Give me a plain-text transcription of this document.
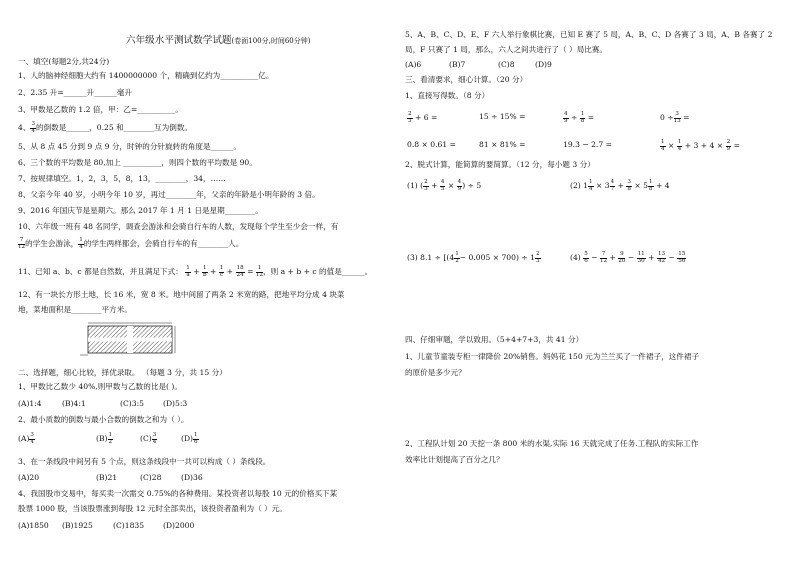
六年级水平测试数学试题(卷面100分,时间60分钟)
一、填空(每题2分,共24分)
1、人的脑神经细胞大约有 1400000000 个，精确到亿约为__________亿。
2、2.35 升=______升______毫升
3、甲数是乙数的 1.2 倍，甲：乙=__________。
4、 $\frac{3}{4}$ 的倒数是______，0.25 和________互为倒数。
5、从 8 点 45 分到 9 点 9 分，时钟的分针旋转的角度是______。
6、三个数的平均数是 80,加上 __________，则四个数的平均数是 90。
7、按规律填空。1，2，3，5，8，13，________，34，……
8、父亲今年 40 岁，小明今年 10 岁，再过________年，父亲的年龄是小明年龄的 3 倍。
9、2016 年国庆节是星期六。那么 2017 年 1 月 1 日是星期________。
10、六年级一班有 48 名同学，调查会游泳和会骑自行车的人数，发现每个学生至少会一样，有
$\frac{7}{12}$ 的学生会游泳， $\frac{1}{4}$ 的学生两样都会，会骑自行车的有________人。
11、已知 a、b、c 都是自然数，并且满足下式： $\frac{1}{a} + \frac{1}{b} + \frac{1}{c} + \frac{18}{24} = \frac{1}{12}$ ，则 a + b + c 的值是______。
12、有一块长方形土地，长 16 米，宽 8 米。地中间留了两条 2 米宽的路，把地平均分成 4 块菜
地，菜地面积是________平方米。
二、选择题，细心比较，择优录取。 （每题 3 分，共 15 分）
1、甲数比乙数少 40%,则甲数与乙数的比是( )。
(A)1:4	(B)4:1	(C)3:5	(D)5:3
2、最小质数的倒数与最小合数的倒数之和为（ ）。
$(A) \frac{3}{4}$	$(B) \frac{1}{2}$	$(C) \frac{3}{4}$	$(D) \frac{1}{6}$
3、在一条线段中间另有 5 个点，则这条线段中一共可以构成（ ）条线段。
(A)20	(B)21	(C)28	(D)36
4、我国股市交易中，每买卖一次需交 0.75%的各种费用。某投资者以每股 10 元的价格买下某
股票 1000 股，当该股票涨到每股 12 元时全部卖出，该投资者盈利为（ ）元。
(A)1850 (B)1925	(C)1835 (D)2000
5、A、B、C、D、E、F 六人举行象棋比赛，已知 E 赛了 5 局，A、B、C、D 各赛了 3 局，A、B 各赛了 2
局，F 只赛了 1 局，那么，六人之间共进行了（ ）局比赛。
(A)6	(B)7	(C)8	(D)9
三、看清要求，细心计算。（20 分）
1、直接写得数。（8 分）
$\frac{2}{3} + 6$ =	15 ÷ 15% =	$\frac{4}{9} \div \frac{1}{8}$ =	$0 \div \frac{3}{13}$ =
0.8 × 0.61 =	81 × 81% =	19.3 − 2.7 =	$\frac{1}{4} \times \frac{1}{4} + 3 + 4 \times \frac{2}{9}$ =
2、脱式计算，能简算的要简算。（12 分，每小题 3 分）
(1) ( $\frac{2}{3} + \frac{4}{5} \times \frac{4}{9}$ ) ÷ 5	(2) $1 \frac{1}{4} \times 3 \frac{4}{7} + \frac{3}{8} \times 5 \frac{1}{8} + 4$
(3) $8.1 \div [(4 \frac{1}{2} - 0.005 \times 700) \div 1 \frac{2}{3}$	$(4) \frac{5}{6} - \frac{7}{12} + \frac{9}{20} - \frac{11}{30} + \frac{13}{42} - \frac{15}{56}$
四、仔细审题，学以致用。（5+4+7+3，共 41 分）
1、儿童节童装专柜一律降价 20%销售。妈妈花 150 元为兰兰买了一件裙子，这件裙子
的原价是多少元？
2、工程队计划 20 天挖一条 800 米的水渠,实际 16 天就完成了任务.工程队的实际工作
效率比计划提高了百分之几？
